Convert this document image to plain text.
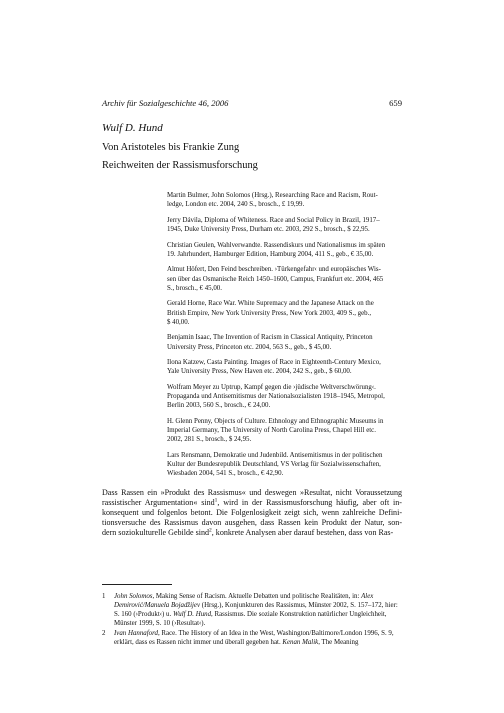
Archiv für Sozialgeschichte 46, 2006	659
Wulf D. Hund
Von Aristoteles bis Frankie Zung
Reichweiten der Rassismusforschung
Martin Bulmer, John Solomos (Hrsg.), Researching Race and Racism, Rout-
ledge, London etc. 2004, 240 S., brosch., £ 19,99.
Jerry Dávila, Diploma of Whiteness. Race and Social Policy in Brazil, 1917–
1945, Duke University Press, Durham etc. 2003, 292 S., brosch., $ 22,95.
Christian Geulen, Wahlverwandte. Rassendiskurs und Nationalismus im späten
19. Jahrhundert, Hamburger Edition, Hamburg 2004, 411 S., geb., € 35,00.
Almut Höfert, Den Feind beschreiben. ›Türkengefahr‹ und europäisches Wis-
sen über das Osmanische Reich 1450–1600, Campus, Frankfurt etc. 2004, 465
S., brosch., € 45,00.
Gerald Horne, Race War. White Supremacy and the Japanese Attack on the
British Empire, New York University Press, New York 2003, 409 S., geb.,
$ 40,00.
Benjamin Isaac, The Invention of Racism in Classical Antiquity, Princeton
University Press, Princeton etc. 2004, 563 S., geb., $ 45,00.
Ilona Katzew, Casta Painting. Images of Race in Eighteenth-Century Mexico,
Yale University Press, New Haven etc. 2004, 242 S., geb., $ 60,00.
Wolfram Meyer zu Uptrup, Kampf gegen die ›jüdische Weltverschwörung‹.
Propaganda und Antisemitismus der Nationalsozialisten 1918–1945, Metropol,
Berlin 2003, 560 S., brosch., € 24,00.
H. Glenn Penny, Objects of Culture. Ethnology and Ethnographic Museums in
Imperial Germany, The University of North Carolina Press, Chapel Hill etc.
2002, 281 S., brosch., $ 24,95.
Lars Rensmann, Demokratie und Judenbild. Antisemitismus in der politischen
Kultur der Bundesrepublik Deutschland, VS Verlag für Sozialwissenschaften,
Wiesbaden 2004, 541 S., brosch., € 42,90.
Dass Rassen ein »Produkt des Rassismus« und deswegen »Resultat, nicht Voraussetzung
rassistischer Argumentation« sind$^1$, wird in der Rassismusforschung häufig, aber oft in-
konsequent und folgenlos betont. Die Folgenlosigkeit zeigt sich, wenn zahlreiche Defini-
tionsversuche des Rassismus davon ausgehen, dass Rassen kein Produkt der Natur, son-
dern soziokulturelle Gebilde sind$^2$, konkrete Analysen aber darauf bestehen, dass von Ras-
1 John Solomos, Making Sense of Racism. Aktuelle Debatten und politische Realitäten, in: Alex Demirović/Manuela Bojadžijev (Hrsg.), Konjunkturen des Rassismus, Münster 2002, S. 157–172, hier: S. 160 (›Produkt‹) u. Wulf D. Hund, Rassismus. Die soziale Konstruktion natürlicher Ungleichheit, Münster 1999, S. 10 (›Resultat‹).
2 Ivan Hannaford, Race. The History of an Idea in the West, Washington/Baltimore/London 1996, S. 9, erklärt, dass es Rassen nicht immer und überall gegeben hat. Kenan Malik, The Meaning
